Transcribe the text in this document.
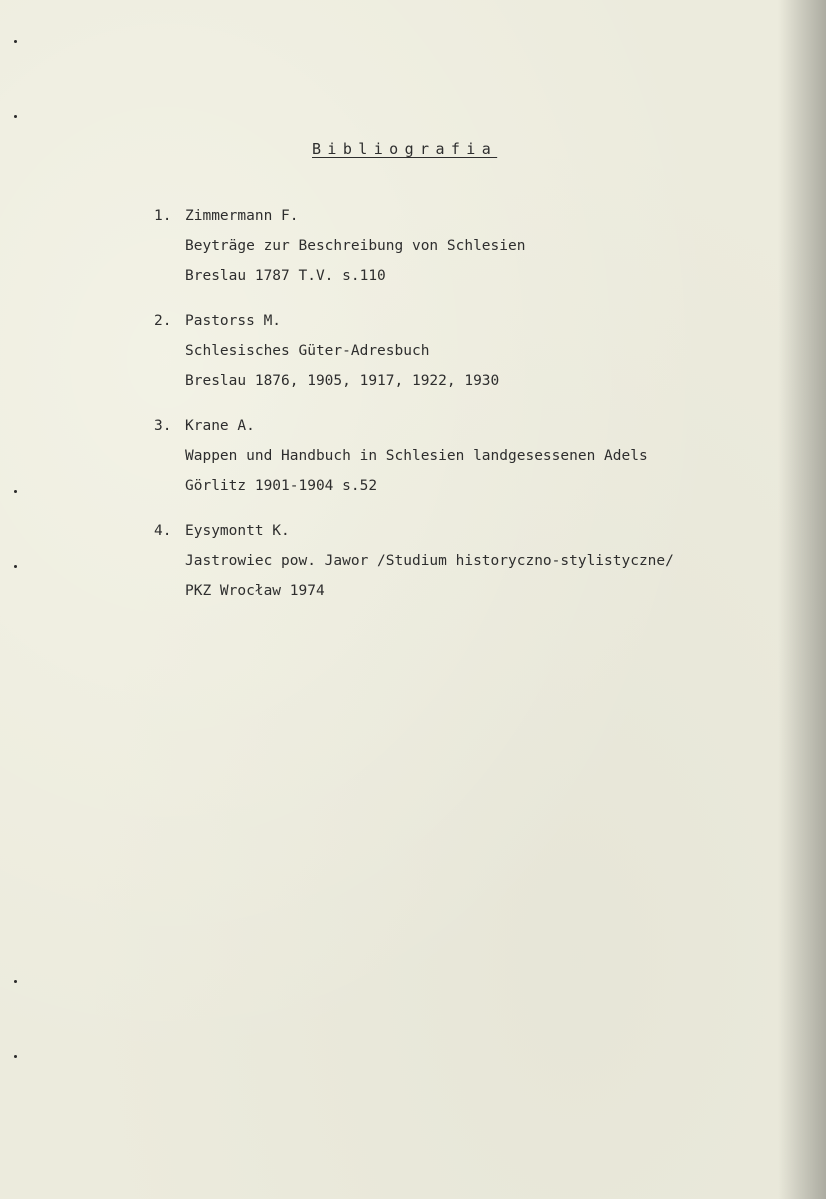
Bibliografia
1. Zimmermann F.
Beyträge zur Beschreibung von Schlesien
Breslau 1787 T.V. s.110
2. Pastorss M.
Schlesisches Güter-Adresbuch
Breslau 1876, 1905, 1917, 1922, 1930
3. Krane A.
Wappen und Handbuch in Schlesien landgesessenen Adels
Görlitz 1901-1904 s.52
4. Eysymontt K.
Jastrowiec pow. Jawor /Studium historyczno-stylistyczne/
PKZ Wrocław 1974
